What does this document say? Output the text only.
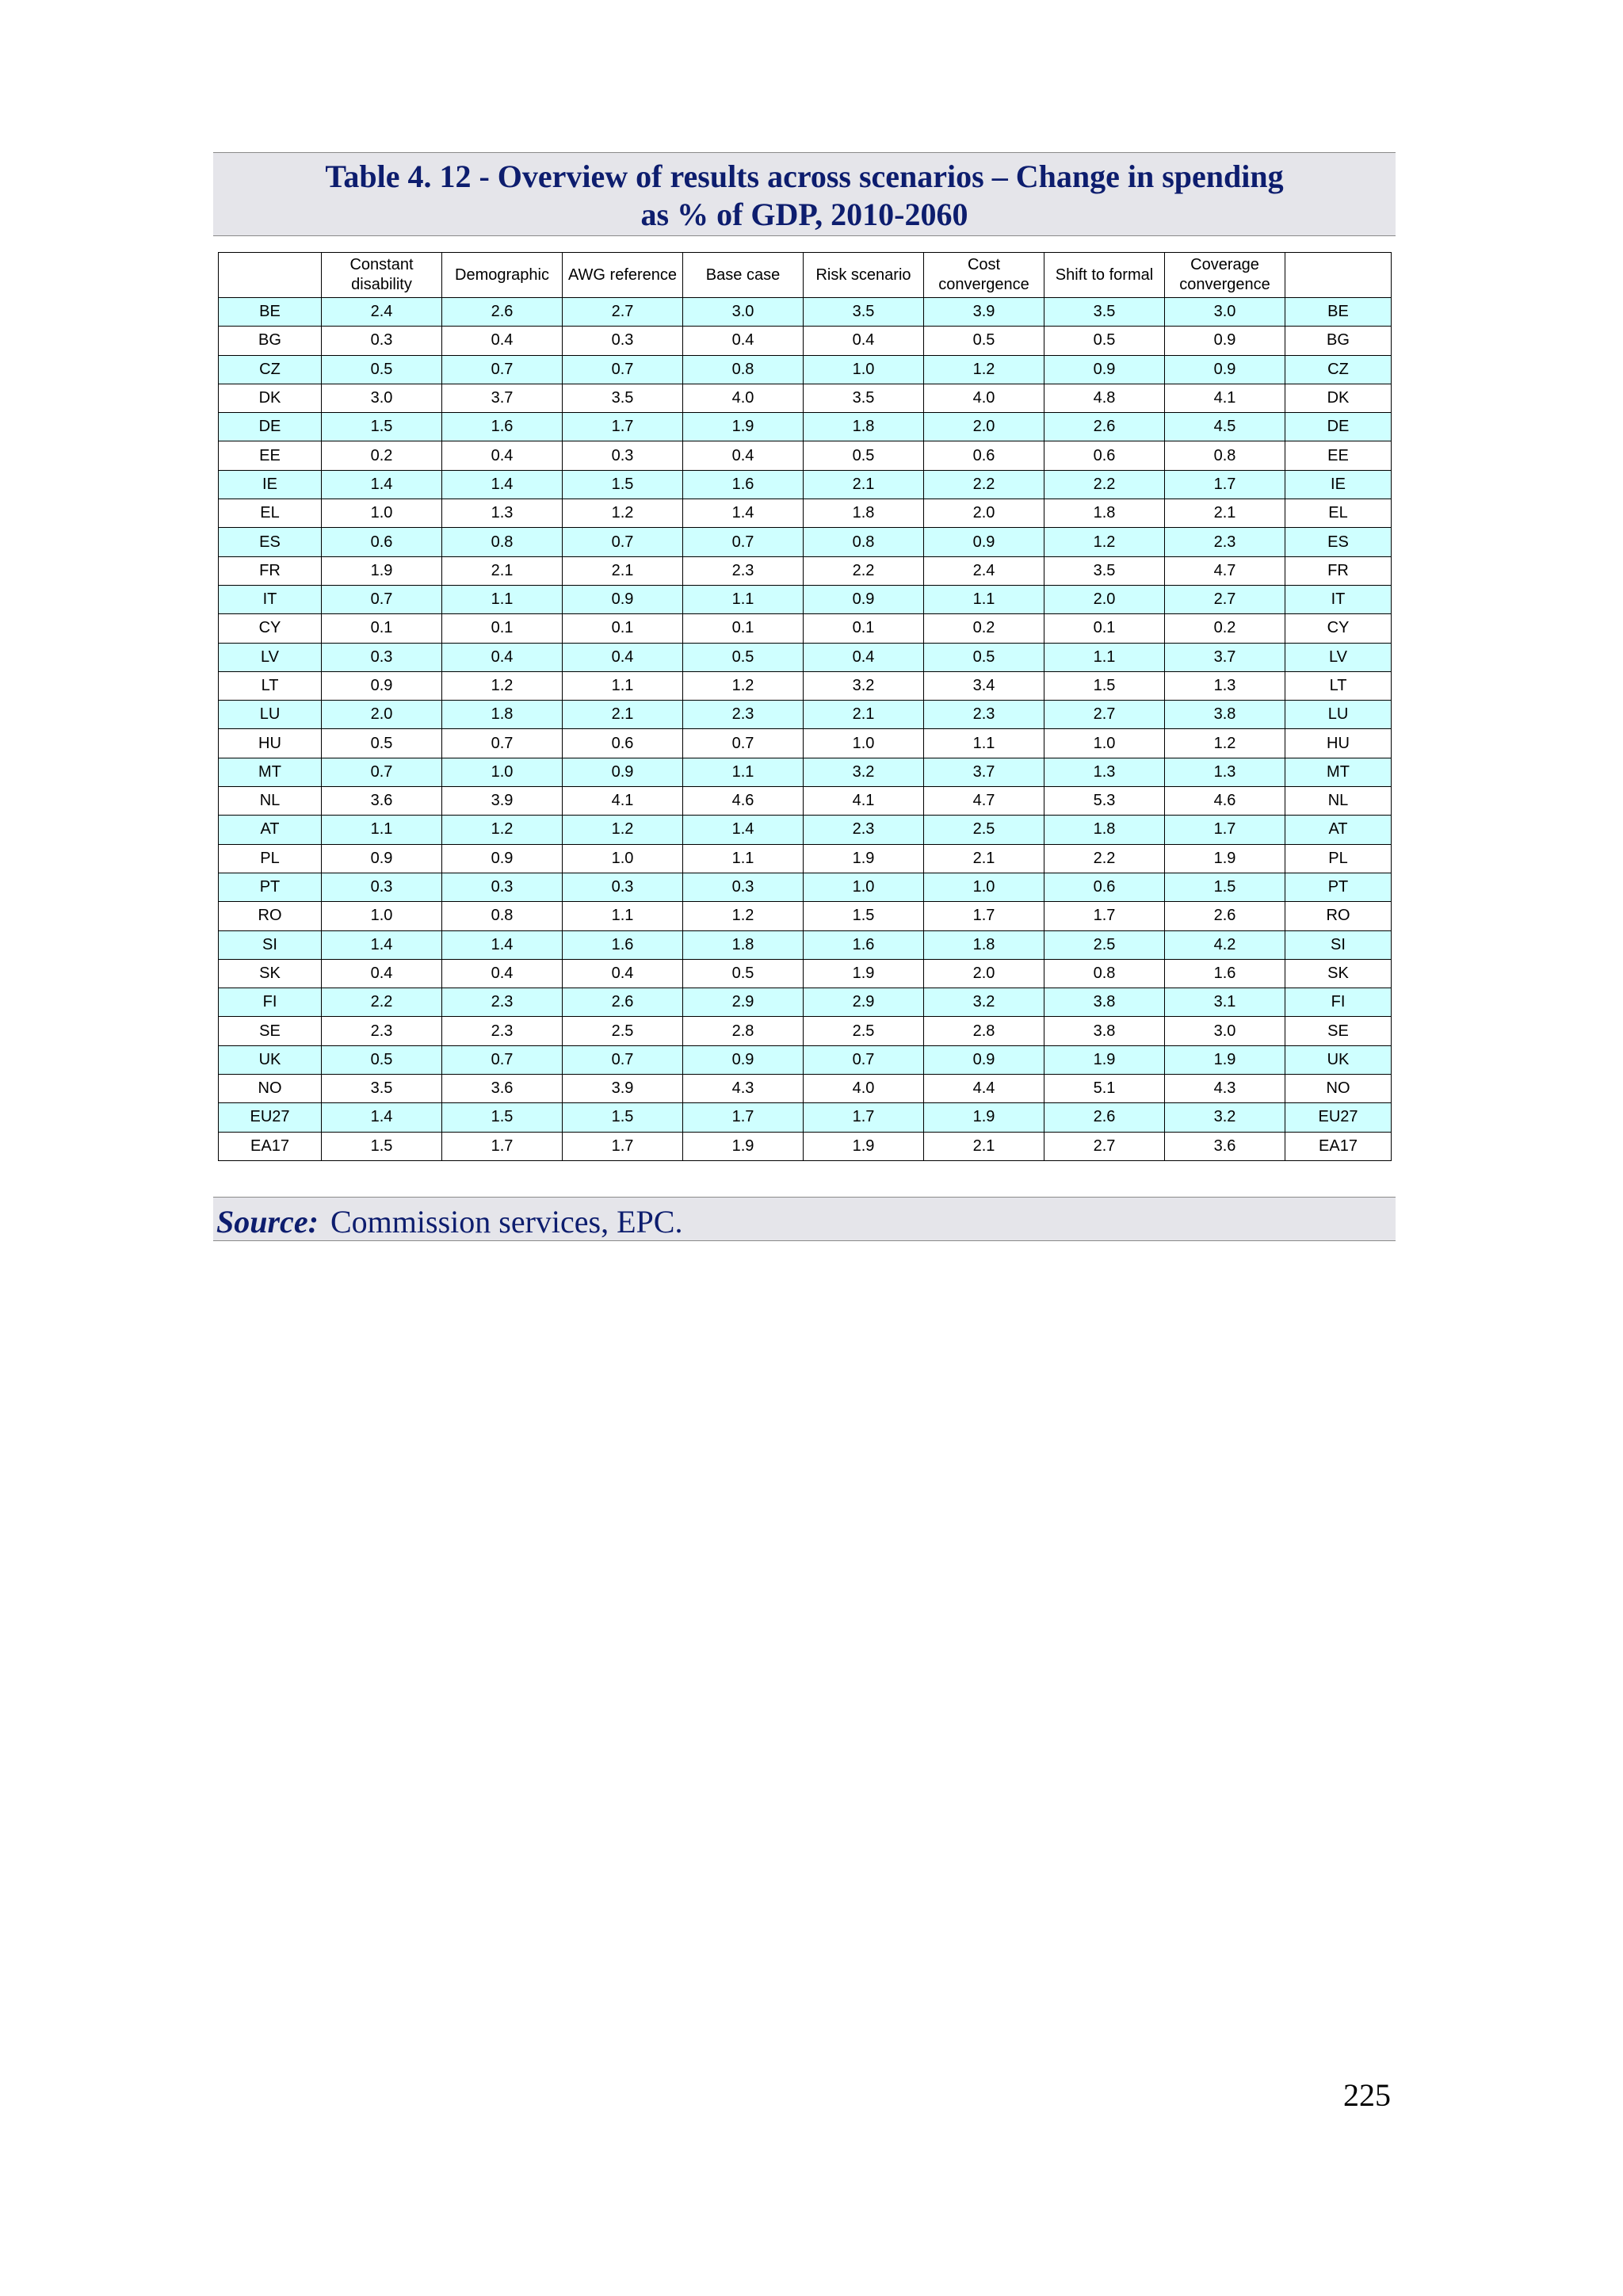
Table 4. 12 - Overview of results across scenarios – Change in spending
as % of GDP, 2010-2060
	Constant disability	Demographic	AWG reference	Base case	Risk scenario	Cost convergence	Shift to formal	Coverage convergence	
BE	2.4	2.6	2.7	3.0	3.5	3.9	3.5	3.0	BE
BG	0.3	0.4	0.3	0.4	0.4	0.5	0.5	0.9	BG
CZ	0.5	0.7	0.7	0.8	1.0	1.2	0.9	0.9	CZ
DK	3.0	3.7	3.5	4.0	3.5	4.0	4.8	4.1	DK
DE	1.5	1.6	1.7	1.9	1.8	2.0	2.6	4.5	DE
EE	0.2	0.4	0.3	0.4	0.5	0.6	0.6	0.8	EE
IE	1.4	1.4	1.5	1.6	2.1	2.2	2.2	1.7	IE
EL	1.0	1.3	1.2	1.4	1.8	2.0	1.8	2.1	EL
ES	0.6	0.8	0.7	0.7	0.8	0.9	1.2	2.3	ES
FR	1.9	2.1	2.1	2.3	2.2	2.4	3.5	4.7	FR
IT	0.7	1.1	0.9	1.1	0.9	1.1	2.0	2.7	IT
CY	0.1	0.1	0.1	0.1	0.1	0.2	0.1	0.2	CY
LV	0.3	0.4	0.4	0.5	0.4	0.5	1.1	3.7	LV
LT	0.9	1.2	1.1	1.2	3.2	3.4	1.5	1.3	LT
LU	2.0	1.8	2.1	2.3	2.1	2.3	2.7	3.8	LU
HU	0.5	0.7	0.6	0.7	1.0	1.1	1.0	1.2	HU
MT	0.7	1.0	0.9	1.1	3.2	3.7	1.3	1.3	MT
NL	3.6	3.9	4.1	4.6	4.1	4.7	5.3	4.6	NL
AT	1.1	1.2	1.2	1.4	2.3	2.5	1.8	1.7	AT
PL	0.9	0.9	1.0	1.1	1.9	2.1	2.2	1.9	PL
PT	0.3	0.3	0.3	0.3	1.0	1.0	0.6	1.5	PT
RO	1.0	0.8	1.1	1.2	1.5	1.7	1.7	2.6	RO
SI	1.4	1.4	1.6	1.8	1.6	1.8	2.5	4.2	SI
SK	0.4	0.4	0.4	0.5	1.9	2.0	0.8	1.6	SK
FI	2.2	2.3	2.6	2.9	2.9	3.2	3.8	3.1	FI
SE	2.3	2.3	2.5	2.8	2.5	2.8	3.8	3.0	SE
UK	0.5	0.7	0.7	0.9	0.7	0.9	1.9	1.9	UK
NO	3.5	3.6	3.9	4.3	4.0	4.4	5.1	4.3	NO
EU27	1.4	1.5	1.5	1.7	1.7	1.9	2.6	3.2	EU27
EA17	1.5	1.7	1.7	1.9	1.9	2.1	2.7	3.6	EA17
Source: Commission services, EPC.
225
